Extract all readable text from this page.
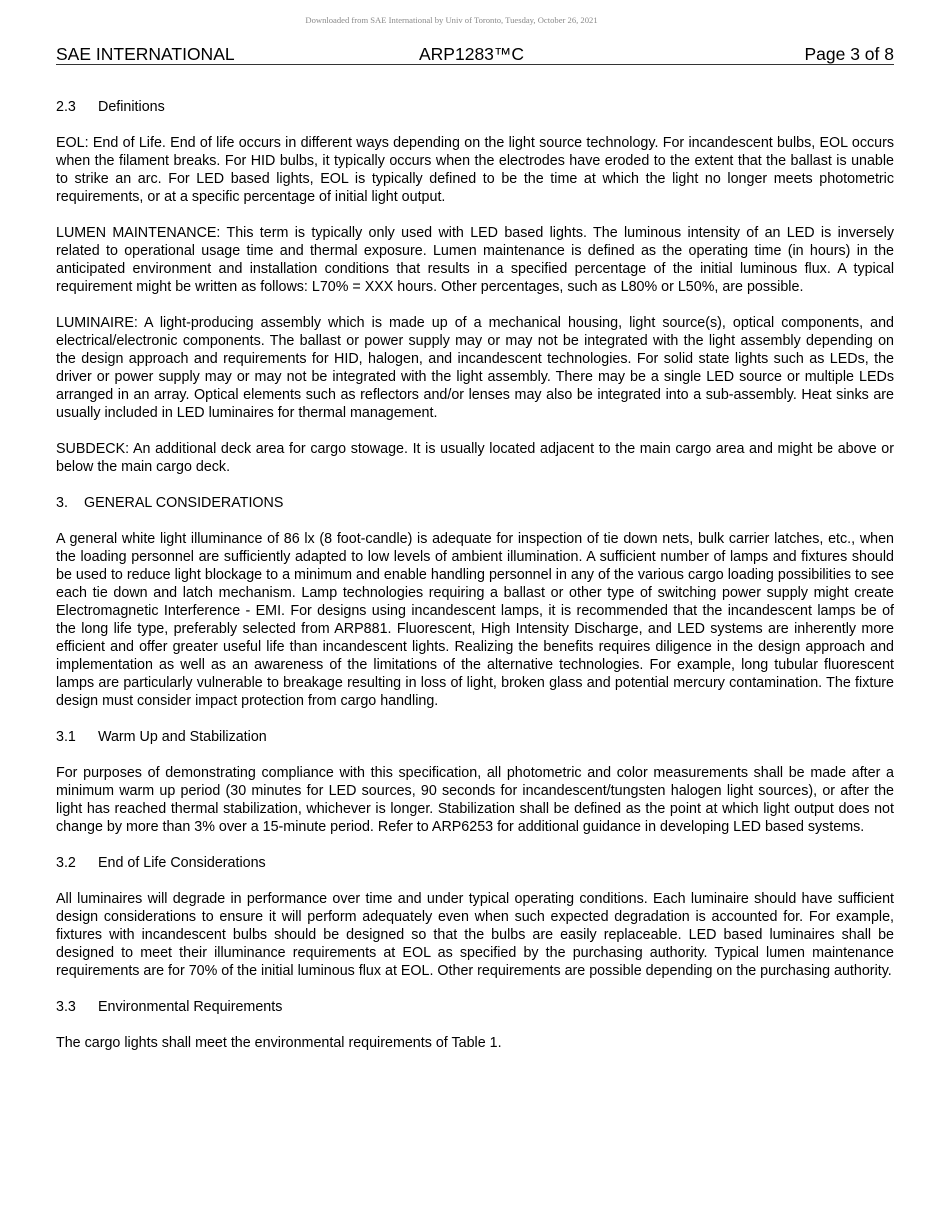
Downloaded from SAE International by Univ of Toronto, Tuesday, October 26, 2021
SAE INTERNATIONAL	ARP1283™C	Page 3 of 8
2.3 Definitions

EOL: End of Life. End of life occurs in different ways depending on the light source technology. For incandescent bulbs, EOL occurs when the filament breaks. For HID bulbs, it typically occurs when the electrodes have eroded to the extent that the ballast is unable to strike an arc. For LED based lights, EOL is typically defined to be the time at which the light no longer meets photometric requirements, or at a specific percentage of initial light output.

LUMEN MAINTENANCE: This term is typically only used with LED based lights. The luminous intensity of an LED is inversely related to operational usage time and thermal exposure. Lumen maintenance is defined as the operating time (in hours) in the anticipated environment and installation conditions that results in a specified percentage of the initial luminous flux. A typical requirement might be written as follows: L70% = XXX hours. Other percentages, such as L80% or L50%, are possible.

LUMINAIRE: A light-producing assembly which is made up of a mechanical housing, light source(s), optical components, and electrical/electronic components. The ballast or power supply may or may not be integrated with the light assembly depending on the design approach and requirements for HID, halogen, and incandescent technologies. For solid state lights such as LEDs, the driver or power supply may or may not be integrated with the light assembly. There may be a single LED source or multiple LEDs arranged in an array. Optical elements such as reflectors and/or lenses may also be integrated into a sub-assembly. Heat sinks are usually included in LED luminaires for thermal management.

SUBDECK: An additional deck area for cargo stowage. It is usually located adjacent to the main cargo area and might be above or below the main cargo deck.

3. GENERAL CONSIDERATIONS

A general white light illuminance of 86 lx (8 foot-candle) is adequate for inspection of tie down nets, bulk carrier latches, etc., when the loading personnel are sufficiently adapted to low levels of ambient illumination. A sufficient number of lamps and fixtures should be used to reduce light blockage to a minimum and enable handling personnel in any of the various cargo loading possibilities to see each tie down and latch mechanism. Lamp technologies requiring a ballast or other type of switching power supply might create Electromagnetic Interference - EMI. For designs using incandescent lamps, it is recommended that the incandescent lamps be of the long life type, preferably selected from ARP881. Fluorescent, High Intensity Discharge, and LED systems are inherently more efficient and offer greater useful life than incandescent lights. Realizing the benefits requires diligence in the design approach and implementation as well as an awareness of the limitations of the alternative technologies. For example, long tubular fluorescent lamps are particularly vulnerable to breakage resulting in loss of light, broken glass and potential mercury contamination. The fixture design must consider impact protection from cargo handling.

3.1 Warm Up and Stabilization

For purposes of demonstrating compliance with this specification, all photometric and color measurements shall be made after a minimum warm up period (30 minutes for LED sources, 90 seconds for incandescent/tungsten halogen light sources), or after the light has reached thermal stabilization, whichever is longer. Stabilization shall be defined as the point at which light output does not change by more than 3% over a 15-minute period. Refer to ARP6253 for additional guidance in developing LED based systems.

3.2 End of Life Considerations

All luminaires will degrade in performance over time and under typical operating conditions. Each luminaire should have sufficient design considerations to ensure it will perform adequately even when such expected degradation is accounted for. For example, fixtures with incandescent bulbs should be designed so that the bulbs are easily replaceable. LED based luminaires shall be designed to meet their illuminance requirements at EOL as specified by the purchasing authority. Typical lumen maintenance requirements are for 70% of the initial luminous flux at EOL. Other requirements are possible depending on the purchasing authority.

3.3 Environmental Requirements

The cargo lights shall meet the environmental requirements of Table 1.
